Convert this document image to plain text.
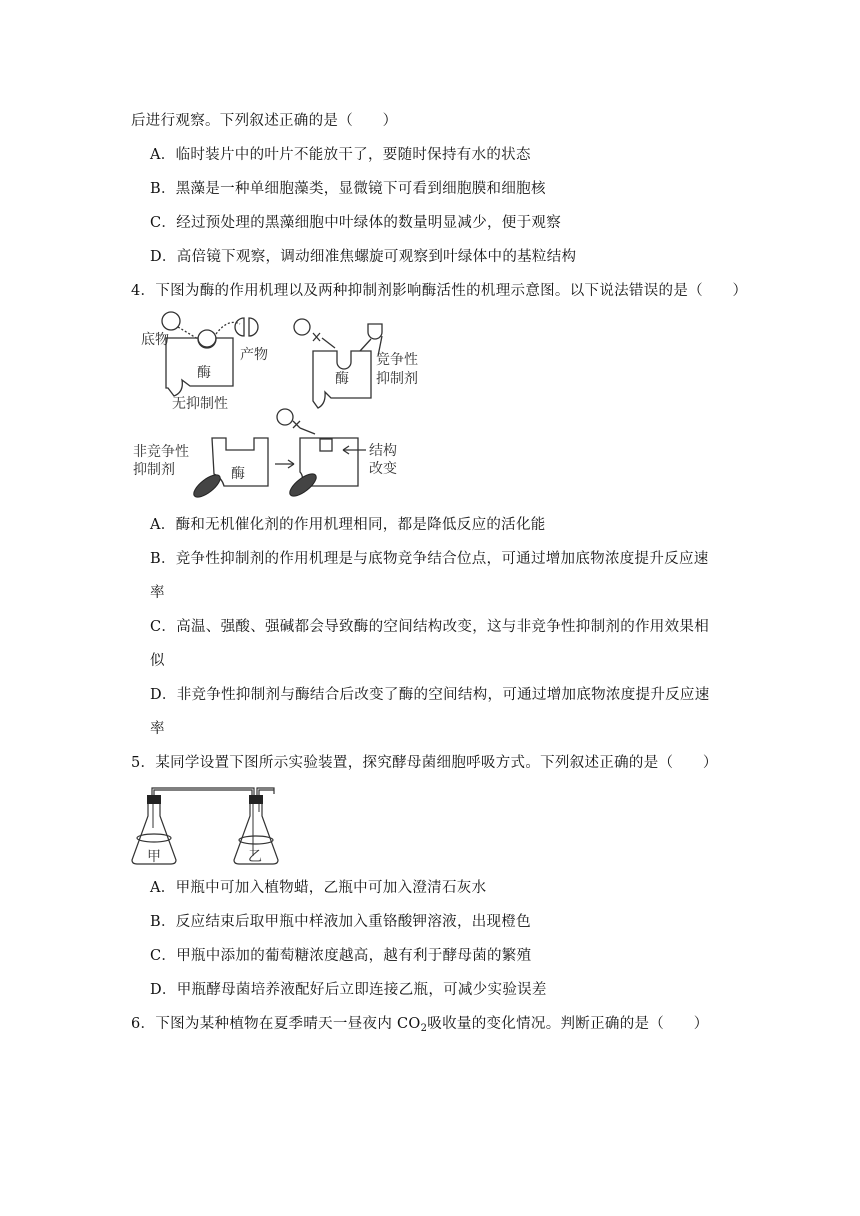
后进行观察。下列叙述正确的是（　　）
A．临时装片中的叶片不能放干了，要随时保持有水的状态
B．黑藻是一种单细胞藻类，显微镜下可看到细胞膜和细胞核
C．经过预处理的黑藻细胞中叶绿体的数量明显减少，便于观察
D．高倍镜下观察，调动细准焦螺旋可观察到叶绿体中的基粒结构
4．下图为酶的作用机理以及两种抑制剂影响酶活性的机理示意图。以下说法错误的是（　　）
底物
产物
酶
无抑制性
酶
竞争性
抑制剂
非竞争性
抑制剂	酶
结构
改变
A．酶和无机催化剂的作用机理相同，都是降低反应的活化能
B．竞争性抑制剂的作用机理是与底物竞争结合位点，可通过增加底物浓度提升反应速
率
C．高温、强酸、强碱都会导致酶的空间结构改变，这与非竞争性抑制剂的作用效果相
似
D．非竞争性抑制剂与酶结合后改变了酶的空间结构，可通过增加底物浓度提升反应速
率
5．某同学设置下图所示实验装置，探究酵母菌细胞呼吸方式。下列叙述正确的是（　　）
甲	乙
A．甲瓶中可加入植物蜡，乙瓶中可加入澄清石灰水
B．反应结束后取甲瓶中样液加入重铬酸钾溶液，出现橙色
C．甲瓶中添加的葡萄糖浓度越高，越有利于酵母菌的繁殖
D．甲瓶酵母菌培养液配好后立即连接乙瓶，可减少实验误差
6．下图为某种植物在夏季晴天一昼夜内 $CO_2$吸收量的变化情况。判断正确的是（　　）
